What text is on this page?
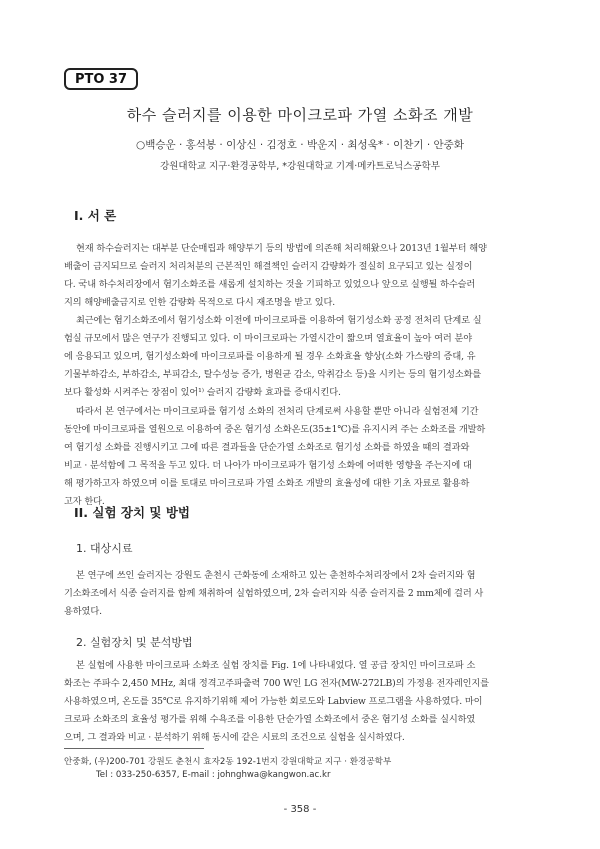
PTO 37
하수 슬러지를 이용한 마이크로파 가열 소화조 개발
○백승운 · 홍석봉 · 이상신 · 김정호 · 박운지 · 최성욱* · 이찬기 · 안중화
강원대학교 지구·환경공학부, *강원대학교 기계·메카트로닉스공학부
I. 서 론

현재 하수슬러지는 대부분 단순매립과 해양투기 등의 방법에 의존해 처리해왔으나 2013년 1월부터 해양
배출이 금지되므로 슬러지 처리처분의 근본적인 해결책인 슬러지 감량화가 절실히 요구되고 있는 실정이
다. 국내 하수처리장에서 혐기소화조를 새롭게 설치하는 것을 기피하고 있었으나 앞으로 실행될 하수슬러
지의 해양배출금지로 인한 감량화 목적으로 다시 재조명을 받고 있다.

최근에는 혐기소화조에서 혐기성소화 이전에 마이크로파를 이용하여 혐기성소화 공정 전처리 단계로 실
험실 규모에서 많은 연구가 진행되고 있다. 이 마이크로파는 가열시간이 짧으며 열효율이 높아 여러 분야
에 응용되고 있으며, 혐기성소화에 마이크로파를 이용하게 될 경우 소화효율 향상(소화 가스량의 증대, 유
기물부하감소, 부하감소, 부피감소, 탈수성능 증가, 병원균 감소, 악취감소 등)을 시키는 등의 혐기성소화를
보다 활성화 시켜주는 장점이 있어¹⁾ 슬러지 감량화 효과를 증대시킨다.

따라서 본 연구에서는 마이크로파를 혐기성 소화의 전처리 단계로써 사용할 뿐만 아니라 실험전체 기간
동안에 마이크로파를 열원으로 이용하여 중온 혐기성 소화온도(35±1℃)를 유지시켜 주는 소화조를 개발하
여 혐기성 소화를 진행시키고 그에 따른 결과들을 단순가열 소화조로 혐기성 소화를 하였을 때의 결과와
비교 · 분석함에 그 목적을 두고 있다. 더 나아가 마이크로파가 혐기성 소화에 어떠한 영향을 주는지에 대
해 평가하고자 하였으며 이를 토대로 마이크로파 가열 소화조 개발의 효율성에 대한 기초 자료로 활용하
고자 한다.

II. 실험 장치 및 방법
1. 대상시료

본 연구에 쓰인 슬러지는 강원도 춘천시 근화동에 소재하고 있는 춘천하수처리장에서 2차 슬러지와 혐
기소화조에서 식종 슬러지를 함께 채취하여 실험하였으며, 2차 슬러지와 식종 슬러지를 2 mm체에 걸러 사
용하였다.

2. 실험장치 및 분석방법

본 실험에 사용한 마이크로파 소화조 실험 장치를 Fig. 1에 나타내었다. 열 공급 장치인 마이크로파 소
화조는 주파수 2,450 MHz, 최대 정격고주파출력 700 W인 LG 전자(MW-272LB)의 가정용 전자레인지를
사용하였으며, 온도를 35℃로 유지하기위해 제어 가능한 회로도와 Labview 프로그램을 사용하였다. 마이
크로파 소화조의 효율성 평가를 위해 수욕조를 이용한 단순가열 소화조에서 중온 혐기성 소화를 실시하였
으며, 그 결과와 비교 · 분석하기 위해 동시에 같은 시료의 조건으로 실험을 실시하였다.

안중화, (우)200-701 강원도 춘천시 효자2동 192-1번지 강원대학교 지구 · 환경공학부
Tel : 033-250-6357, E-mail : johnghwa@kangwon.ac.kr
- 358 -
